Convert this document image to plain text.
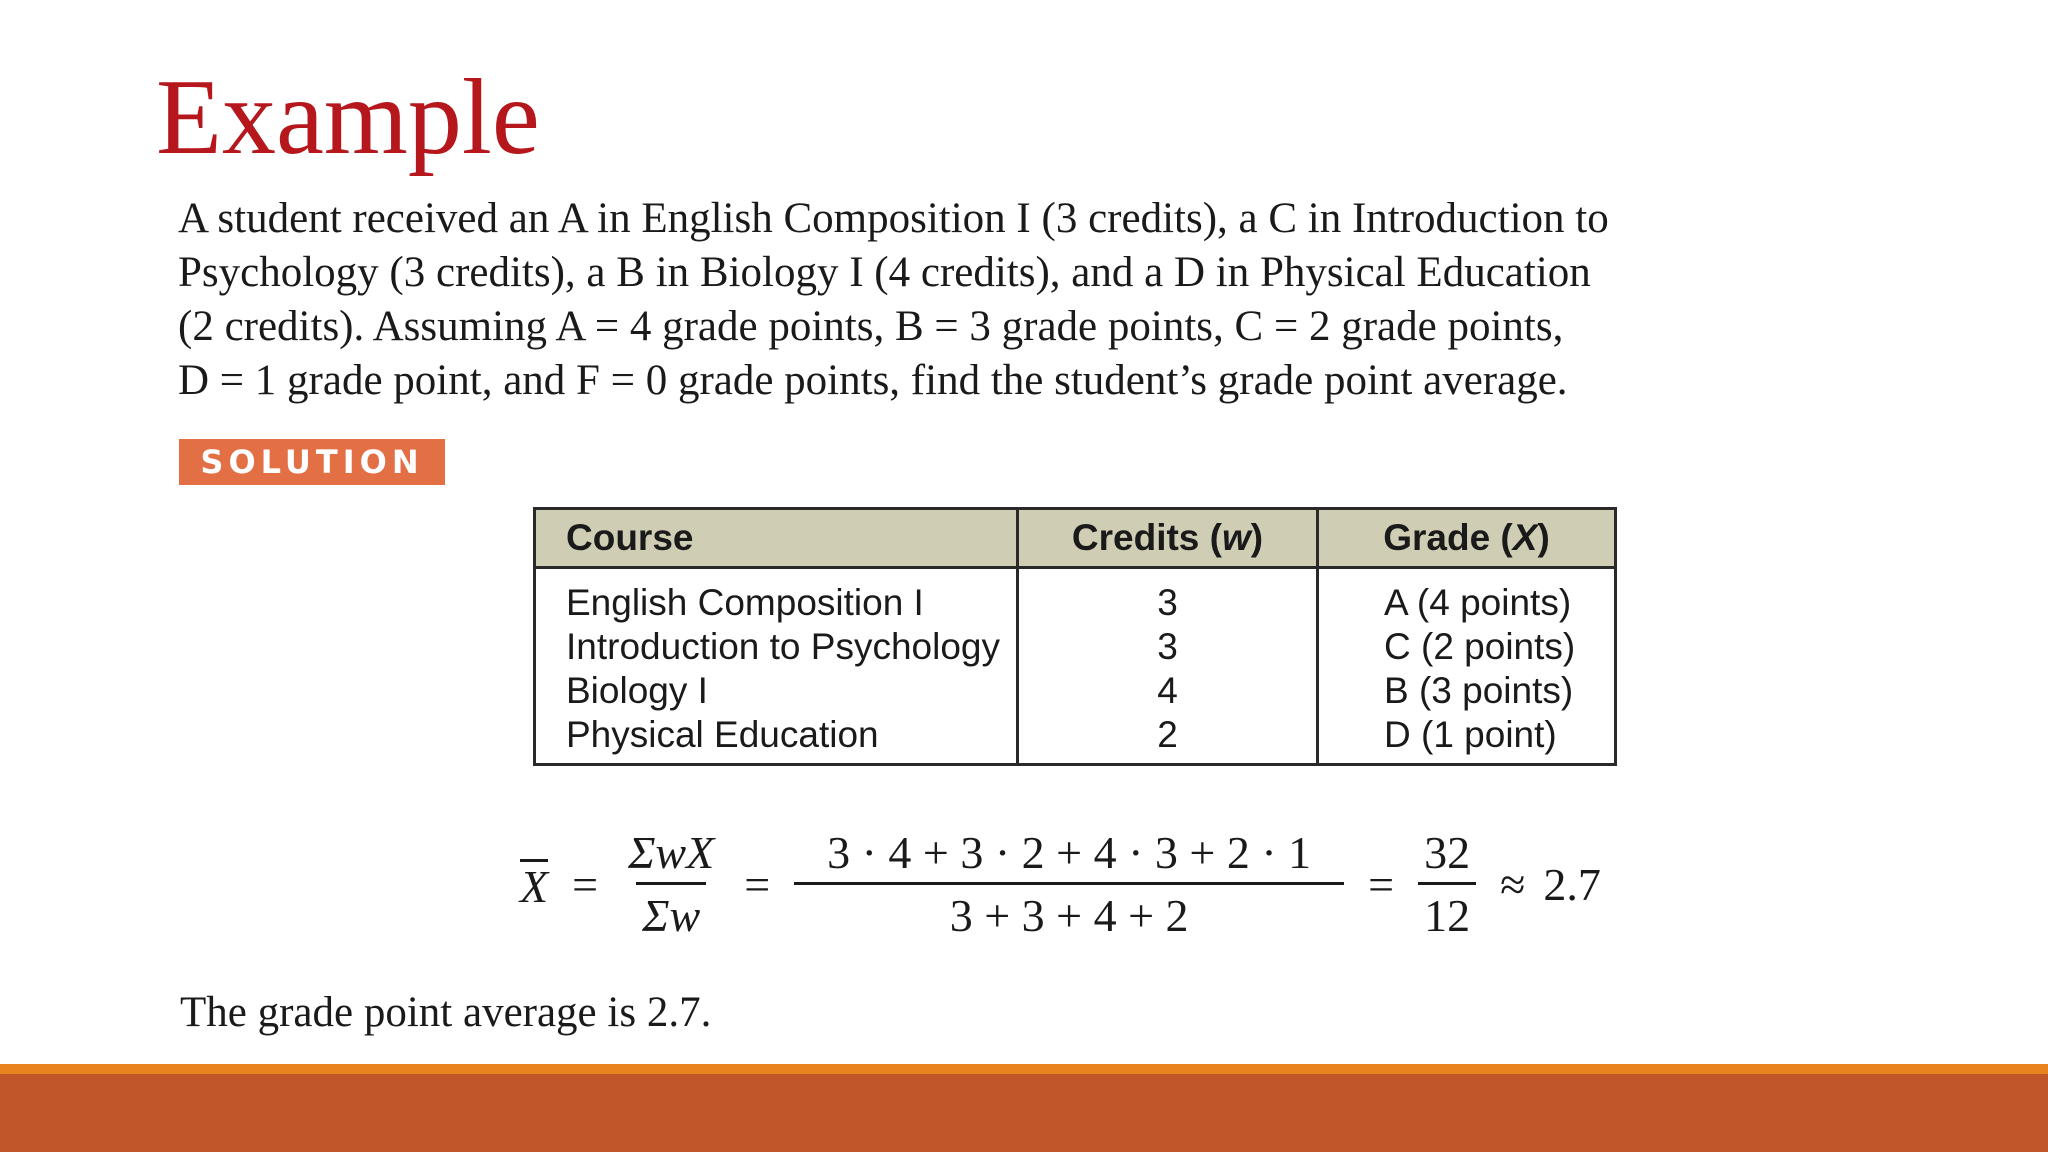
Example
A student received an A in English Composition I (3 credits), a C in Introduction to
Psychology (3 credits), a B in Biology I (4 credits), and a D in Physical Education
(2 credits). Assuming A = 4 grade points, B = 3 grade points, C = 2 grade points,
D = 1 grade point, and F = 0 grade points, find the student’s grade point average.
SOLUTION
Course	Credits ( w )	Grade ( X )
English Composition I
Introduction to Psychology
Biology I
Physical Education
3
3
4
2
A (4 points)
C (2 points)
B (3 points)
D (1 point)
$X = \frac{\text{ΣwX}}{\Sigma w} = \frac{3 \cdot 4 + 3 \cdot 2 + 4 \cdot 3 + 2 \cdot 1}{3 + 3 + 4 + 2} = \frac{32}{12} \approx 2.7$
The grade point average is 2.7.
